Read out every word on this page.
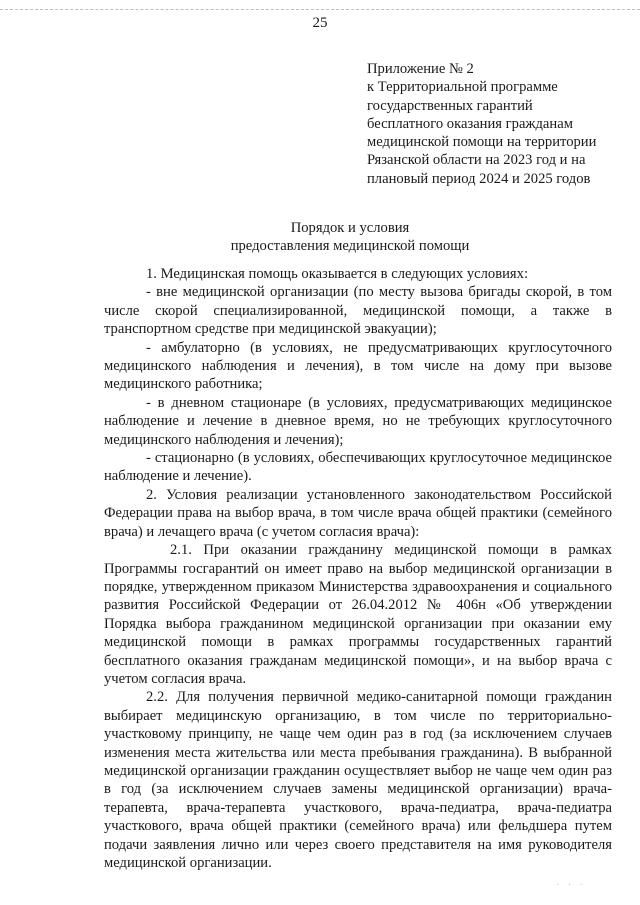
25
Приложение № 2
к Территориальной программе
государственных гарантий
бесплатного оказания гражданам
медицинской помощи на территории
Рязанской области на 2023 год и на
плановый период 2024 и 2025 годов
Порядок и условия
предоставления медицинской помощи

1. Медицинская помощь оказывается в следующих условиях:

- вне медицинской организации (по месту вызова бригады скорой, в том числе скорой специализированной, медицинской помощи, а также в транспортном средстве при медицинской эвакуации);

- амбулаторно (в условиях, не предусматривающих круглосуточного медицинского наблюдения и лечения), в том числе на дому при вызове медицинского работника;

- в дневном стационаре (в условиях, предусматривающих медицинское наблюдение и лечение в дневное время, но не требующих круглосуточного медицинского наблюдения и лечения);

- стационарно (в условиях, обеспечивающих круглосуточное медицинское наблюдение и лечение).

2. Условия реализации установленного законодательством Российской Федерации права на выбор врача, в том числе врача общей практики (семейного врача) и лечащего врача (с учетом согласия врача):

2.1. При оказании гражданину медицинской помощи в рамках Программы госгарантий он имеет право на выбор медицинской организации в порядке, утвержденном приказом Министерства здравоохранения и социального развития Российской Федерации от 26.04.2012 № 406н «Об утверждении Порядка выбора гражданином медицинской организации при оказании ему медицинской помощи в рамках программы государственных гарантий бесплатного оказания гражданам медицинской помощи», и на выбор врача с учетом согласия врача.

2.2. Для получения первичной медико-санитарной помощи гражданин выбирает медицинскую организацию, в том числе по территориально-участковому принципу, не чаще чем один раз в год (за исключением случаев изменения места жительства или места пребывания гражданина). В выбранной медицинской организации гражданин осуществляет выбор не чаще чем один раз в год (за исключением случаев замены медицинской организации) врача-терапевта, врача-терапевта участкового, врача-педиатра, врача-педиатра участкового, врача общей практики (семейного врача) или фельдшера путем подачи заявления лично или через своего представителя на имя руководителя медицинской организации.

· · ·
